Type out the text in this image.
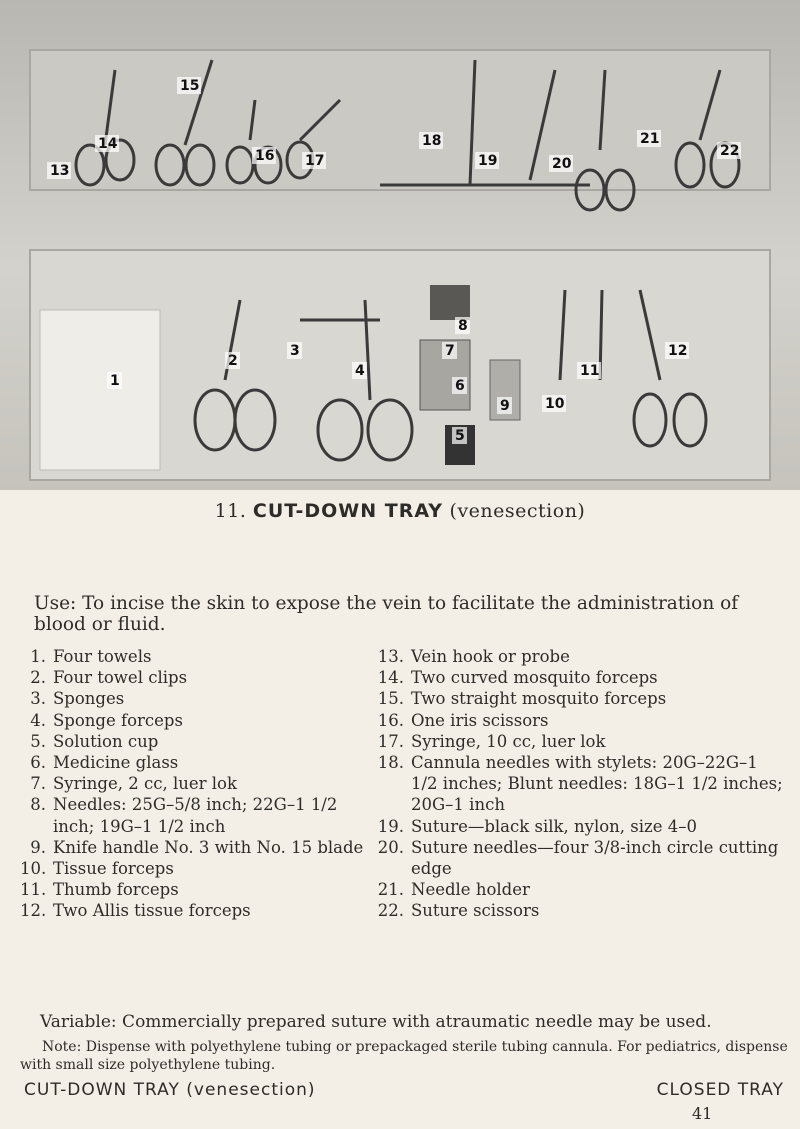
1
2
3
4
5
6
7
8
9	10
11
12
13
14
15
16 17
18
19	20
21
22
11. CUT-DOWN TRAY (venesection)
Use: To incise the skin to expose the vein to facilitate the administration of blood or fluid.
1. Four towels
2. Four towel clips
3. Sponges
4. Sponge forceps
5. Solution cup
6. Medicine glass
7. Syringe, 2 cc, luer lok
8. Needles: 25G–5/8 inch; 22G–1 1/2 inch; 19G–1 1/2 inch
9. Knife handle No. 3 with No. 15 blade
10. Tissue forceps
11. Thumb forceps
12. Two Allis tissue forceps
13. Vein hook or probe
14. Two curved mosquito forceps
15. Two straight mosquito forceps
16. One iris scissors
17. Syringe, 10 cc, luer lok
18. Cannula needles with stylets: 20G–22G–1 1/2 inches; Blunt needles: 18G–1 1/2 inches; 20G–1 inch
19. Suture—black silk, nylon, size 4–0
20. Suture needles—four 3/8-inch circle cutting edge
21. Needle holder
22. Suture scissors
Variable: Commercially prepared suture with atraumatic needle may be used.
Note: Dispense with polyethylene tubing or prepackaged sterile tubing cannula. For pediatrics, dispense with small size polyethylene tubing.
CUT-DOWN TRAY (venesection)	CLOSED TRAY
41
